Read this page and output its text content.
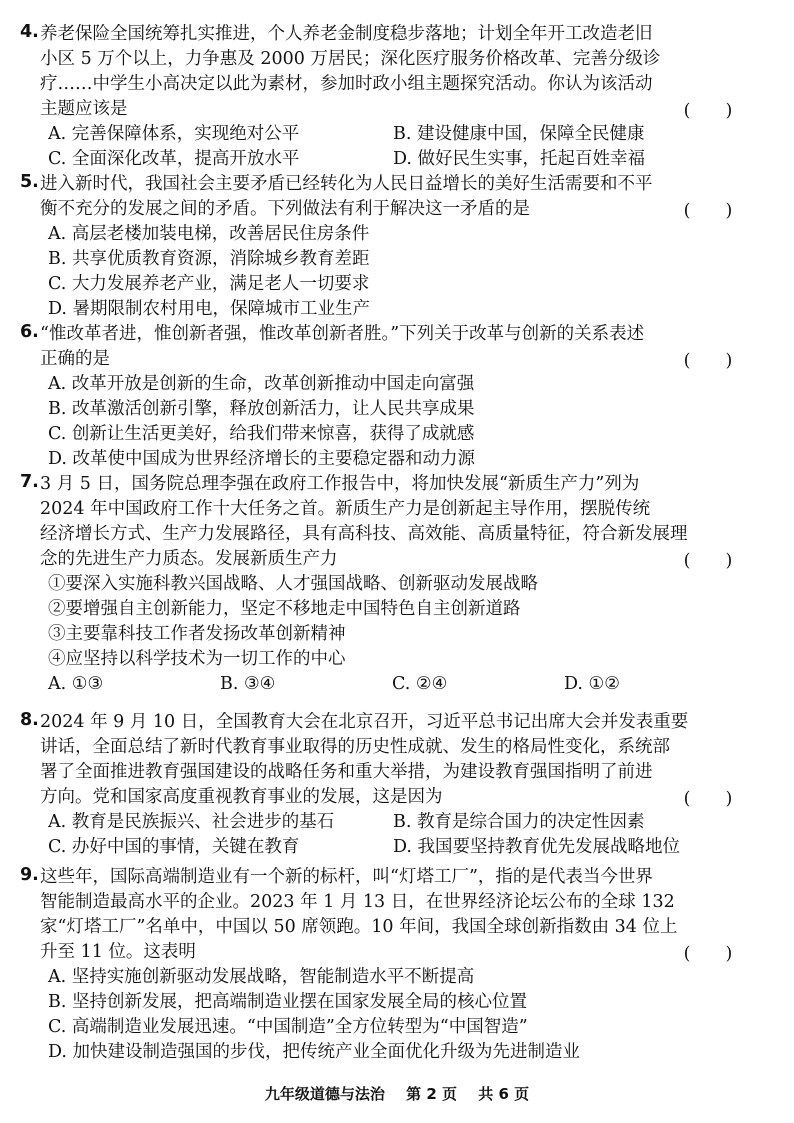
4. 养老保险全国统筹扎实推进，个人养老金制度稳步落地；计划全年开工改造老旧
小区 5 万个以上，力争惠及 2000 万居民；深化医疗服务价格改革、完善分级诊
疗……中学生小高决定以此为素材，参加时政小组主题探究活动。你认为该活动
主题应该是	(　　)
A. 完善保障体系，实现绝对公平	B. 建设健康中国，保障全民健康
C. 全面深化改革，提高开放水平	D. 做好民生实事，托起百姓幸福
5. 进入新时代，我国社会主要矛盾已经转化为人民日益增长的美好生活需要和不平
衡不充分的发展之间的矛盾。下列做法有利于解决这一矛盾的是	(　　)
A. 高层老楼加装电梯，改善居民住房条件
B. 共享优质教育资源，消除城乡教育差距
C. 大力发展养老产业，满足老人一切要求
D. 暑期限制农村用电，保障城市工业生产
6. “惟改革者进，惟创新者强，惟改革创新者胜。”下列关于改革与创新的关系表述
正确的是	(　　)
A. 改革开放是创新的生命，改革创新推动中国走向富强
B. 改革激活创新引擎，释放创新活力，让人民共享成果
C. 创新让生活更美好，给我们带来惊喜，获得了成就感
D. 改革使中国成为世界经济增长的主要稳定器和动力源
7. 3 月 5 日，国务院总理李强在政府工作报告中，将加快发展“新质生产力”列为
2024 年中国政府工作十大任务之首。新质生产力是创新起主导作用，摆脱传统
经济增长方式、生产力发展路径，具有高科技、高效能、高质量特征，符合新发展理
念的先进生产力质态。发展新质生产力	(　　)
①要深入实施科教兴国战略、人才强国战略、创新驱动发展战略
②要增强自主创新能力，坚定不移地走中国特色自主创新道路
③主要靠科技工作者发扬改革创新精神
④应坚持以科学技术为一切工作的中心
A. ①③	B. ③④	C. ②④	D. ①②
8. 2024 年 9 月 10 日，全国教育大会在北京召开，习近平总书记出席大会并发表重要
讲话，全面总结了新时代教育事业取得的历史性成就、发生的格局性变化，系统部
署了全面推进教育强国建设的战略任务和重大举措，为建设教育强国指明了前进
方向。党和国家高度重视教育事业的发展，这是因为	(　　)
A. 教育是民族振兴、社会进步的基石	B. 教育是综合国力的决定性因素
C. 办好中国的事情，关键在教育	D. 我国要坚持教育优先发展战略地位
9. 这些年，国际高端制造业有一个新的标杆，叫“灯塔工厂”，指的是代表当今世界
智能制造最高水平的企业。2023 年 1 月 13 日，在世界经济论坛公布的全球 132
家“灯塔工厂”名单中，中国以 50 席领跑。10 年间，我国全球创新指数由 34 位上
升至 11 位。这表明	(　　)
A. 坚持实施创新驱动发展战略，智能制造水平不断提高
B. 坚持创新发展，把高端制造业摆在国家发展全局的核心位置
C. 高端制造业发展迅速。“中国制造”全方位转型为“中国智造”
D. 加快建设制造强国的步伐，把传统产业全面优化升级为先进制造业
九年级道德与法治 第 2 页 共 6 页
